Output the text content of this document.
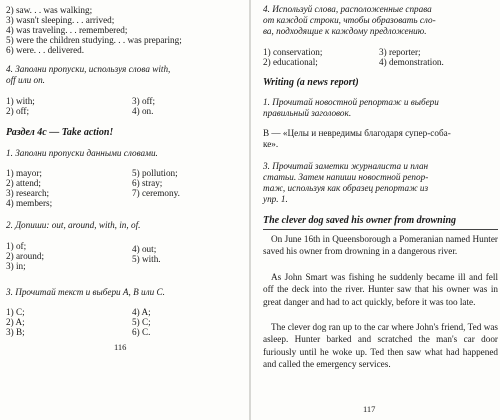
2) saw. . . was walking;
3) wasn't sleeping. . . arrived;
4) was traveling. . . remembered;
5) were the children studying. . . was preparing;
6) were. . . delivered.
4. Заполни пропуски, используя слова with,
off или on.
1) with;
2) off;
3) off;
4) on.
Раздел 4c — Take action!
1. Заполни пропуски данными словами.
1) mayor;
2) attend;
3) research;
4) members;
5) pollution;
6) stray;
7) ceremony.
2. Допиши: out, around, with, in, of.
1) of;
2) around;
3) in;
4) out;
5) with.
3. Прочитай текст и выбери A, B или C.
1) C;
2) A;
3) B;
4) A;
5) C;
6) C.
116
4. Используй слова, расположенные справа
от каждой строки, чтобы образовать сло-
ва, подходящие к каждому предложению.
1) conservation;
2) educational;
3) reporter;
4) demonstration.
Writing (a news report)
1. Прочитай новостной репортаж и выбери
правильный заголовок.
B — «Целы и невредимы благодаря супер-соба-
ке».
3. Прочитай заметки журналиста и план
статьи. Затем напиши новостной репор-
таж, используя как образец репортаж из
упр. 1.
The clever dog saved his owner from drowning
On June 16th in Queensborough a Pomeranian named Hunter saved his owner from drowning in a dangerous river.
As John Smart was fishing he suddenly became ill and fell off the deck into the river. Hunter saw that his owner was in great danger and had to act quickly, before it was too late.
The clever dog ran up to the car where John's friend, Ted was asleep. Hunter barked and scratched the man's car door furiously until he woke up. Ted then saw what had happened and called the emergency services.
117
